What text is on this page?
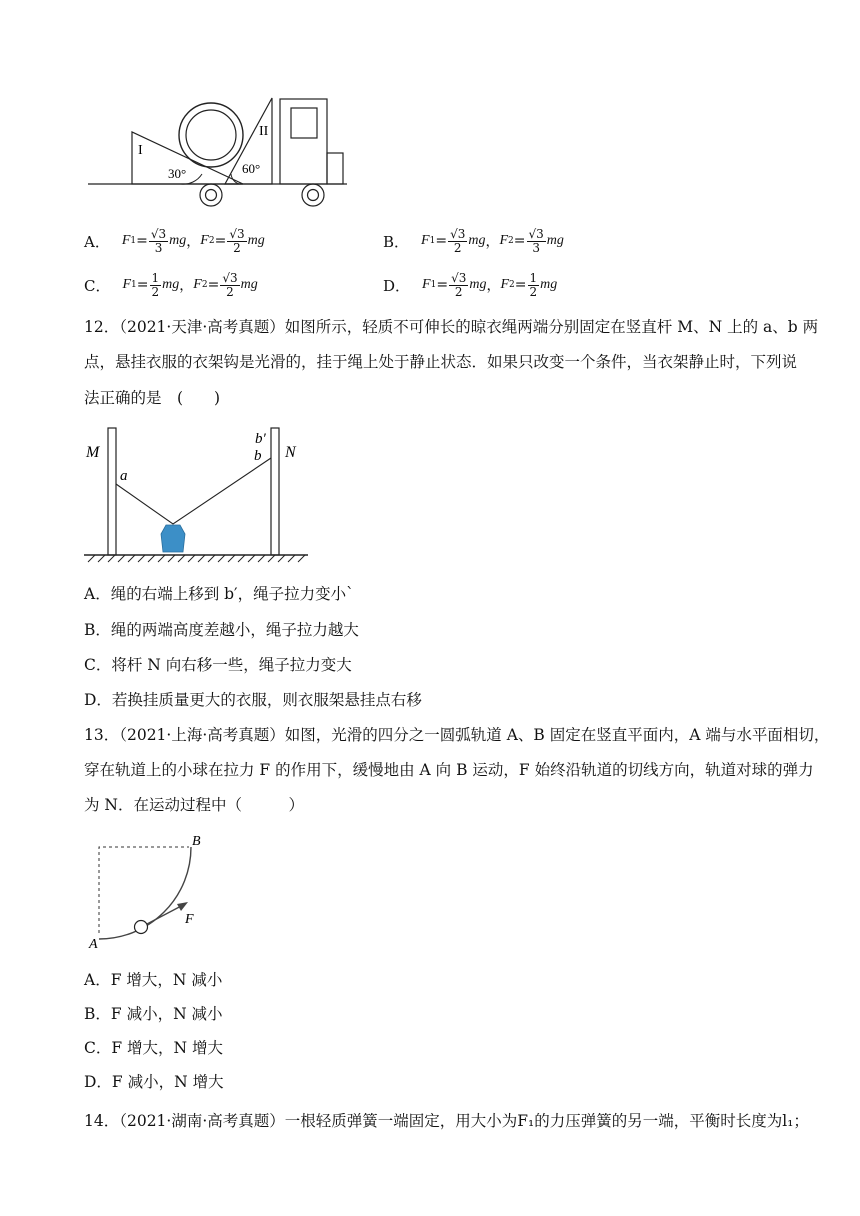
I
II
30°	60°
A． F $1 = \frac{√3}{3}$ mg ， F $2 = \frac{√3}{2}$ mg	B． F $1 = \frac{√3}{2}$ mg ， F $2 = \frac{√3}{3}$ mg
C． F $1 = \frac{1}{2}$ mg ， F $2 = \frac{√3}{2}$ mg	D． F $1 = \frac{√3}{2}$ mg ， F $2 = \frac{1}{2}$ mg
12．（2021·天津·高考真题）如图所示，轻质不可伸长的晾衣绳两端分别固定在竖直杆 M、N 上的 a、b 两
点，悬挂衣服的衣架钩是光滑的，挂于绳上处于静止状态．如果只改变一个条件，当衣架静止时，下列说
法正确的是　(　　)
M	N
a
b′
b
A．绳的右端上移到 b′，绳子拉力变小`
B．绳的两端高度差越小，绳子拉力越大
C．将杆 N 向右移一些，绳子拉力变大
D．若换挂质量更大的衣服，则衣服架悬挂点右移
13．（2021·上海·高考真题）如图，光滑的四分之一圆弧轨道 A、B 固定在竖直平面内，A 端与水平面相切，
穿在轨道上的小球在拉力 F 的作用下，缓慢地由 A 向 B 运动，F 始终沿轨道的切线方向，轨道对球的弹力
为 N．在运动过程中（　　　）
A
B
F
A．F 增大，N 减小
B．F 减小，N 减小
C．F 增大，N 增大
D．F 减小，N 增大
14．（2021·湖南·高考真题）一根轻质弹簧一端固定，用大小为F₁的力压弹簧的另一端，平衡时长度为l₁；
